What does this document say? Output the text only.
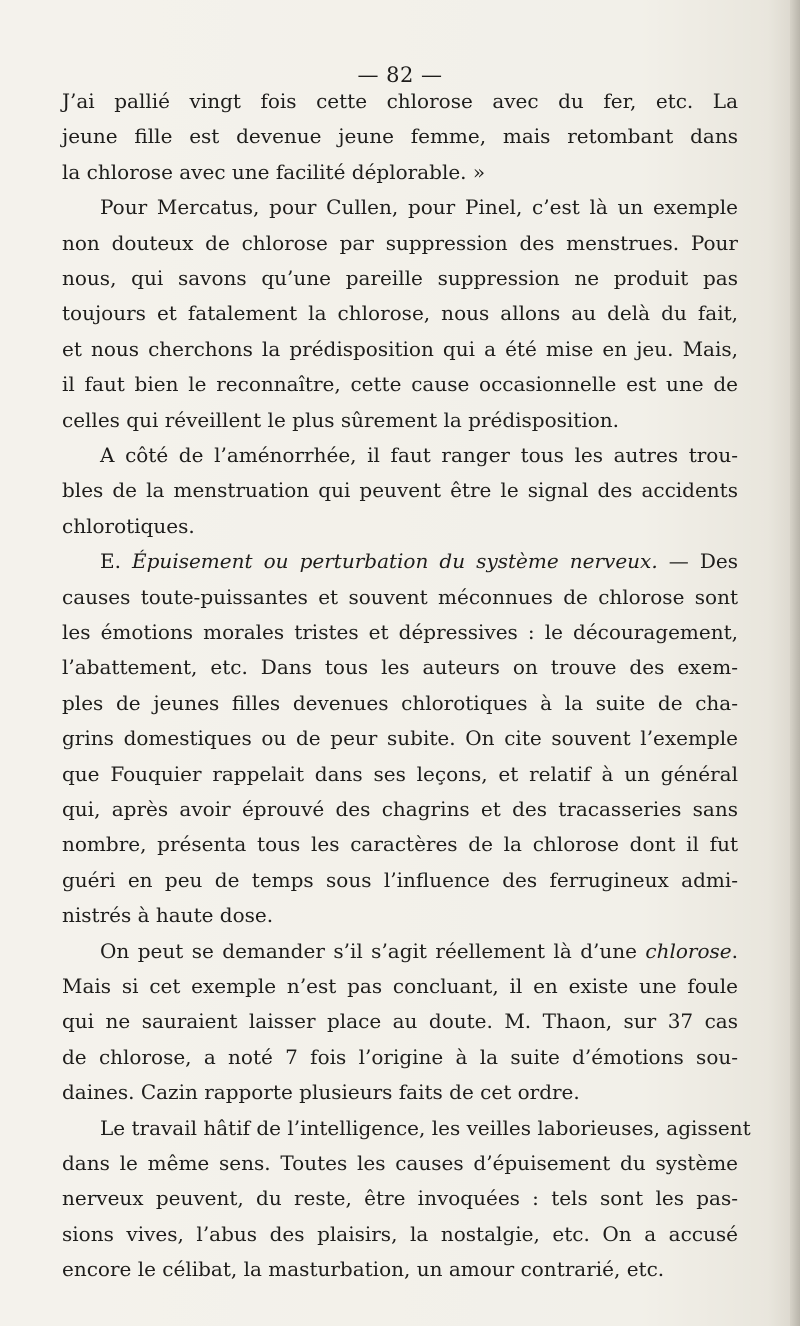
— 82 —
J’ai pallié vingt fois cette chlorose avec du fer, etc. La
jeune fille est devenue jeune femme, mais retombant dans
la chlorose avec une facilité déplorable. »
Pour Mercatus, pour Cullen, pour Pinel, c’est là un exemple
non douteux de chlorose par suppression des menstrues. Pour
nous, qui savons qu’une pareille suppression ne produit pas
toujours et fatalement la chlorose, nous allons au delà du fait,
et nous cherchons la prédisposition qui a été mise en jeu. Mais,
il faut bien le reconnaître, cette cause occasionnelle est une de
celles qui réveillent le plus sûrement la prédisposition.
A côté de l’aménorrhée, il faut ranger tous les autres trou-
bles de la menstruation qui peuvent être le signal des accidents
chlorotiques.
E. Épuisement ou perturbation du système nerveux. — Des
causes toute-puissantes et souvent méconnues de chlorose sont
les émotions morales tristes et dépressives : le découragement,
l’abattement, etc. Dans tous les auteurs on trouve des exem-
ples de jeunes filles devenues chlorotiques à la suite de cha-
grins domestiques ou de peur subite. On cite souvent l’exemple
que Fouquier rappelait dans ses leçons, et relatif à un général
qui, après avoir éprouvé des chagrins et des tracasseries sans
nombre, présenta tous les caractères de la chlorose dont il fut
guéri en peu de temps sous l’influence des ferrugineux admi-
nistrés à haute dose.
On peut se demander s’il s’agit réellement là d’une chlorose.
Mais si cet exemple n’est pas concluant, il en existe une foule
qui ne sauraient laisser place au doute. M. Thaon, sur 37 cas
de chlorose, a noté 7 fois l’origine à la suite d’émotions sou-
daines. Cazin rapporte plusieurs faits de cet ordre.
Le travail hâtif de l’intelligence, les veilles laborieuses, agissent
dans le même sens. Toutes les causes d’épuisement du système
nerveux peuvent, du reste, être invoquées : tels sont les pas-
sions vives, l’abus des plaisirs, la nostalgie, etc. On a accusé
encore le célibat, la masturbation, un amour contrarié, etc.
